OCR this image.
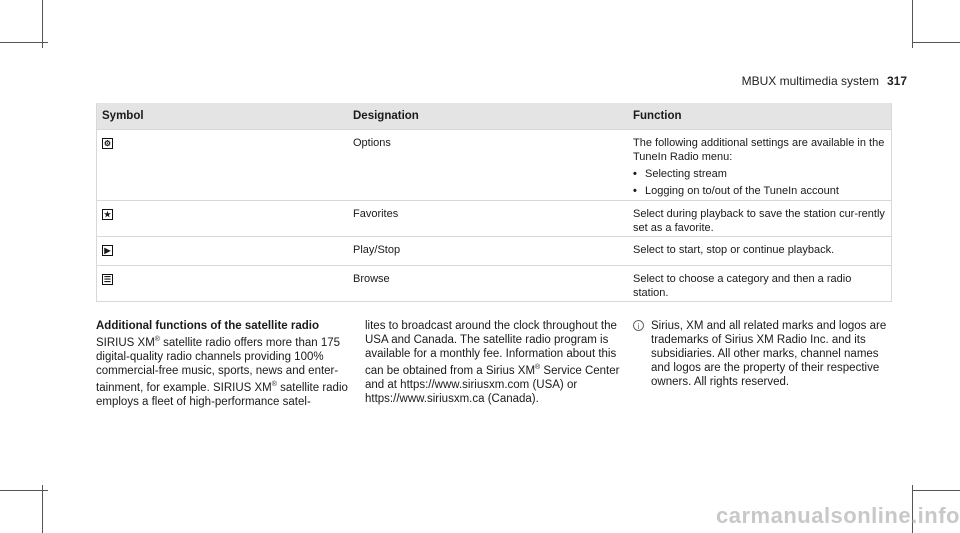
MBUX multimedia system 317
Symbol	Designation	Function
⚙	Options	The following additional settings are available in the TuneIn Radio menu:
• Selecting stream
• Logging on to/out of the TuneIn account
★	Favorites	Select during playback to save the station cur-rently set as a favorite.
▶	Play/Stop	Select to start, stop or continue playback.
☰	Browse	Select to choose a category and then a radio station.

Additional functions of the satellite radio

SIRIUS XM® satellite radio offers more than 175 digital-quality radio channels providing 100% commercial-free music, sports, news and enter-tainment, for example. SIRIUS XM® satellite radio employs a fleet of high-performance satel-

lites to broadcast around the clock throughout the USA and Canada. The satellite radio program is available for a monthly fee. Information about this can be obtained from a Sirius XM® Service Center and at https://www.siriusxm.com (USA) or https://www.siriusxm.ca (Canada).

i	Sirius, XM and all related marks and logos are trademarks of Sirius XM Radio Inc. and its subsidiaries. All other marks, channel names and logos are the property of their respective owners. All rights reserved.

carmanualsonline.info
